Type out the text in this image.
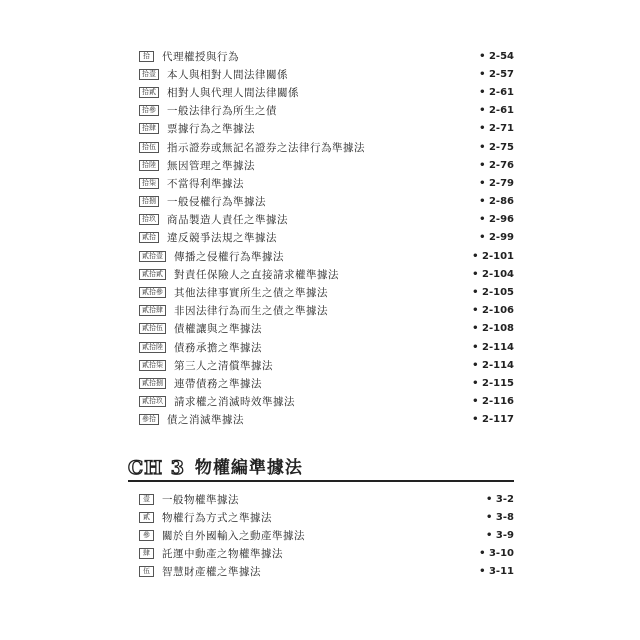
拾	代理權授與行為	• 2-54
拾壹 本人與相對人間法律關係	• 2-57
拾貳 相對人與代理人間法律關係	• 2-61
拾參 一般法律行為所生之債	• 2-61
拾肆 票據行為之準據法	• 2-71
拾伍 指示證券或無記名證券之法律行為準據法	• 2-75
拾陸 無因管理之準據法	• 2-76
拾柒 不當得利準據法	• 2-79
拾捌 一般侵權行為準據法	• 2-86
拾玖 商品製造人責任之準據法	• 2-96
貳拾 違反競爭法規之準據法	• 2-99
貳拾壹 傳播之侵權行為準據法	• 2-101
貳拾貳 對責任保險人之直接請求權準據法	• 2-104
貳拾參 其他法律事實所生之債之準據法	• 2-105
貳拾肆 非因法律行為而生之債之準據法	• 2-106
貳拾伍 債權讓與之準據法	• 2-108
貳拾陸 債務承擔之準據法	• 2-114
貳拾柒 第三人之清償準據法	• 2-114
貳拾捌 連帶債務之準據法	• 2-115
貳拾玖 請求權之消滅時效準據法	• 2-116
參拾 債之消滅準據法	• 2-117
CH 3 物權編準據法
壹	一般物權準據法	• 3-2
貳	物權行為方式之準據法	• 3-8
參	關於自外國輸入之動產準據法	• 3-9
肆	託運中動產之物權準據法	• 3-10
伍	智慧財產權之準據法	• 3-11
